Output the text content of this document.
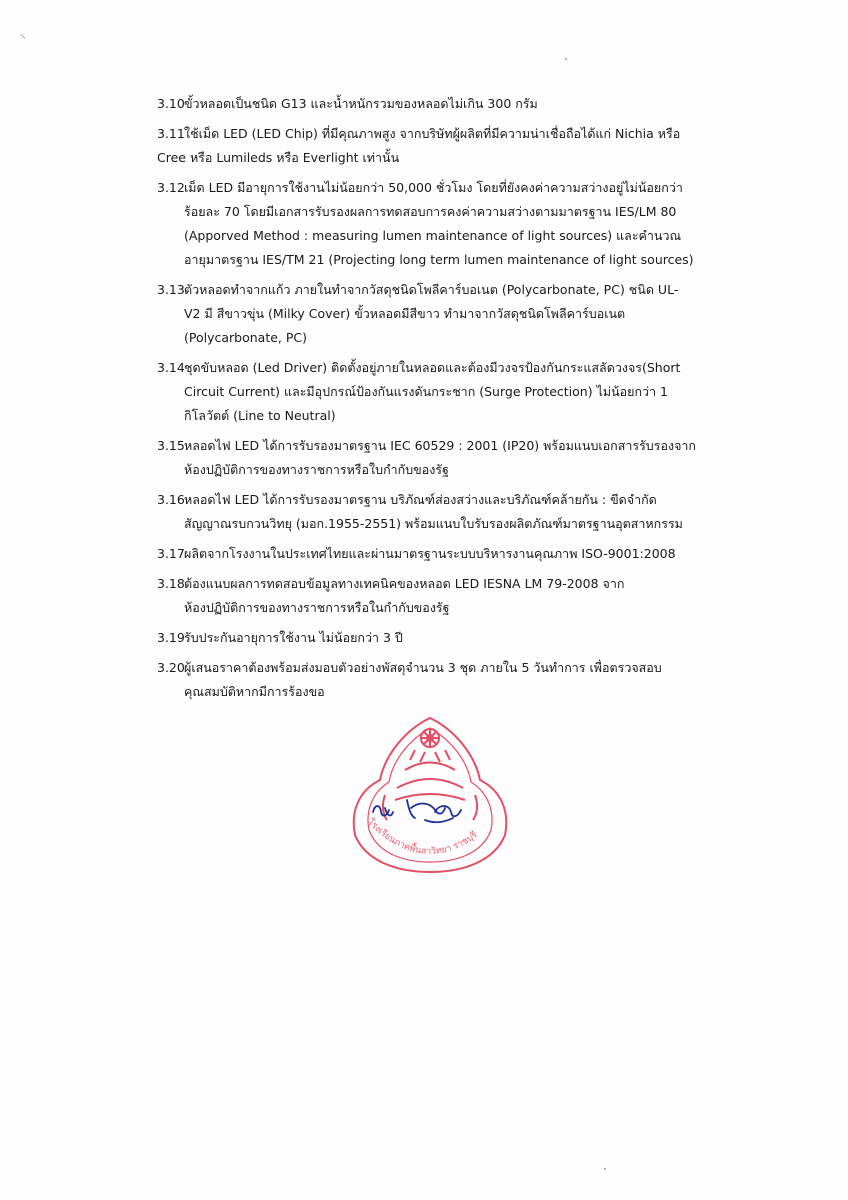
3.10 ขั้วหลอดเป็นชนิด G13 และน้ำหนักรวมของหลอดไม่เกิน 300 กรัม
3.11 ใช้เม็ด LED (LED Chip) ที่มีคุณภาพสูง จากบริษัทผู้ผลิตที่มีความน่าเชื่อถือได้แก่ Nichia หรือ
Cree หรือ Lumileds หรือ Everlight เท่านั้น
3.12 เม็ด LED มีอายุการใช้งานไม่น้อยกว่า 50,000 ชั่วโมง โดยที่ยังคงค่าความสว่างอยู่ไม่น้อยกว่า
ร้อยละ 70 โดยมีเอกสารรับรองผลการทดสอบการคงค่าความสว่างตามมาตรฐาน IES/LM 80
(Apporved Method : measuring lumen maintenance of light sources) และคำนวณ
อายุมาตรฐาน IES/TM 21 (Projecting long term lumen maintenance of light sources)
3.13 ตัวหลอดทำจากแก้ว ภายในทำจากวัสดุชนิดโพลีคาร์บอเนต (Polycarbonate, PC) ชนิด UL-
V2 มี สีขาวขุ่น (Milky Cover) ขั้วหลอดมีสีขาว ทำมาจากวัสดุชนิดโพลีคาร์บอเนต
(Polycarbonate, PC)
3.14 ชุดขับหลอด (Led Driver) ติดตั้งอยู่ภายในหลอดและต้องมีวงจรป้องกันกระแสลัดวงจร(Short
Circuit Current) และมีอุปกรณ์ป้องกันแรงดันกระชาก (Surge Protection) ไม่น้อยกว่า 1
กิโลวัตต์ (Line to Neutral)
3.15 หลอดไฟ LED ได้การรับรองมาตรฐาน IEC 60529 : 2001 (IP20) พร้อมแนบเอกสารรับรองจาก
ห้องปฏิบัติการของทางราชการหรือใบกำกับของรัฐ
3.16 หลอดไฟ LED ได้การรับรองมาตรฐาน บริภัณฑ์ส่องสว่างและบริภัณฑ์คล้ายกัน : ขีดจำกัด
สัญญาณรบกวนวิทยุ (มอก.1955-2551) พร้อมแนบใบรับรองผลิตภัณฑ์มาตรฐานอุตสาหกรรม
3.17 ผลิตจากโรงงานในประเทศไทยและผ่านมาตรฐานระบบบริหารงานคุณภาพ ISO-9001:2008
3.18 ต้องแนบผลการทดสอบข้อมูลทางเทคนิคของหลอด LED IESNA LM 79-2008 จาก
ห้องปฏิบัติการของทางราชการหรือในกำกับของรัฐ
3.19 รับประกันอายุการใช้งาน ไม่น้อยกว่า 3 ปี
3.20 ผู้เสนอราคาต้องพร้อมส่งมอบตัวอย่างพัสดุจำนวน 3 ชุด ภายใน 5 วันทำการ เพื่อตรวจสอบ
คุณสมบัติหากมีการร้องขอ
โรงเรียนภาคพื้นสาวิทยา ราชบุรี
